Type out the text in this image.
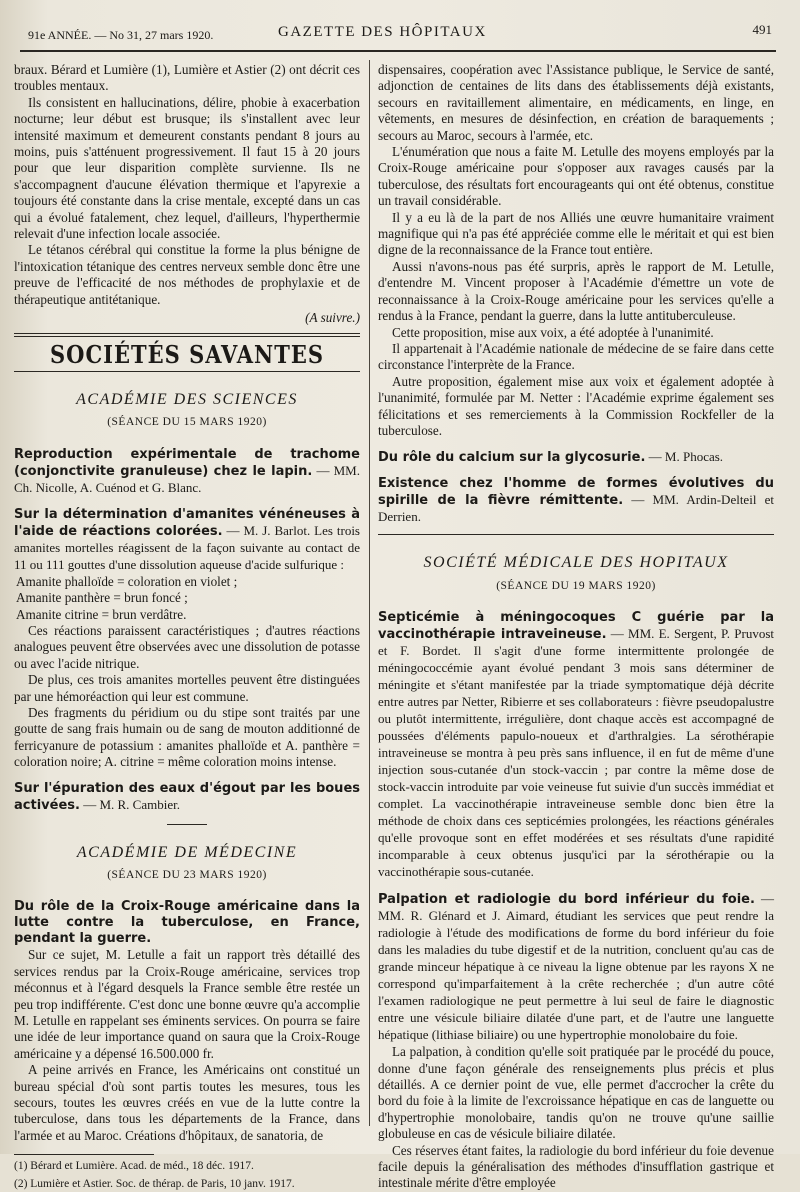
91e ANNÉE. — No 31, 27 mars 1920.	GAZETTE DES HÔPITAUX	491

braux. Bérard et Lumière (1), Lumière et Astier (2) ont décrit ces troubles mentaux.

Ils consistent en hallucinations, délire, phobie à exacerbation nocturne; leur début est brusque; ils s'installent avec leur intensité maximum et demeurent constants pendant 8 jours au moins, puis s'atténuent progressivement. Il faut 15 à 20 jours pour que leur disparition complète survienne. Ils ne s'accompagnent d'aucune élévation thermique et l'apyrexie a toujours été constante dans la crise mentale, excepté dans un cas qui a évolué fatalement, chez lequel, d'ailleurs, l'hyperthermie relevait d'une infection locale associée.

Le tétanos cérébral qui constitue la forme la plus bénigne de l'intoxication tétanique des centres nerveux semble donc être une preuve de l'efficacité de nos méthodes de prophylaxie et de thérapeutique antitétanique.

(A suivre.)
SOCIÉTÉS SAVANTES
ACADÉMIE DES SCIENCES
(SÉANCE DU 15 MARS 1920)
Reproduction expérimentale de trachome (conjonctivite granuleuse) chez le lapin. — MM. Ch. Nicolle, A. Cuénod et G. Blanc.
Sur la détermination d'amanites vénéneuses à l'aide de réactions colorées. — M. J. Barlot. Les trois amanites mortelles réagissent de la façon suivante au contact de 11 ou 111 gouttes d'une dissolution aqueuse d'acide sulfurique :

Amanite phalloïde = coloration en violet ;

Amanite panthère = brun foncé ;

Amanite citrine = brun verdâtre.

Ces réactions paraissent caractéristiques ; d'autres réactions analogues peuvent être observées avec une dissolution de potasse ou avec l'acide nitrique.

De plus, ces trois amanites mortelles peuvent être distinguées par une hémoréaction qui leur est commune.

Des fragments du péridium ou du stipe sont traités par une goutte de sang frais humain ou de sang de mouton additionné de ferricyanure de potassium : amanites phalloïde et A. panthère = coloration noire; A. citrine = même coloration moins intense.

Sur l'épuration des eaux d'égout par les boues activées. — M. R. Cambier.
ACADÉMIE DE MÉDECINE
(SÉANCE DU 23 MARS 1920)
Du rôle de la Croix-Rouge américaine dans la lutte contre la tuberculose, en France, pendant la guerre.

Sur ce sujet, M. Letulle a fait un rapport très détaillé des services rendus par la Croix-Rouge américaine, services trop méconnus et à l'égard desquels la France semble être restée un peu trop indifférente. C'est donc une bonne œuvre qu'a accomplie M. Letulle en rappelant ses éminents services. On pourra se faire une idée de leur importance quand on saura que la Croix-Rouge américaine y a dépensé 16.500.000 fr.

A peine arrivés en France, les Américains ont constitué un bureau spécial d'où sont partis toutes les mesures, tous les secours, toutes les œuvres créés en vue de la lutte contre la tuberculose, dans tous les départements de la France, dans l'armée et au Maroc. Créations d'hôpitaux, de sanatoria, de

(1) Bérard et Lumière. Acad. de méd., 18 déc. 1917.
(2) Lumière et Astier. Soc. de thérap. de Paris, 10 janv. 1917.

dispensaires, coopération avec l'Assistance publique, le Service de santé, adjonction de centaines de lits dans des établissements déjà existants, secours en ravitaillement alimentaire, en médicaments, en linge, en vêtements, en mesures de désinfection, en création de baraquements ; secours au Maroc, secours à l'armée, etc.

L'énumération que nous a faite M. Letulle des moyens employés par la Croix-Rouge américaine pour s'opposer aux ravages causés par la tuberculose, des résultats fort encourageants qui ont été obtenus, constitue un travail considérable.

Il y a eu là de la part de nos Alliés une œuvre humanitaire vraiment magnifique qui n'a pas été appréciée comme elle le méritait et qui est bien digne de la reconnaissance de la France tout entière.

Aussi n'avons-nous pas été surpris, après le rapport de M. Letulle, d'entendre M. Vincent proposer à l'Académie d'émettre un vote de reconnaissance à la Croix-Rouge américaine pour les services qu'elle a rendus à la France, pendant la guerre, dans la lutte antituberculeuse.

Cette proposition, mise aux voix, a été adoptée à l'unanimité.

Il appartenait à l'Académie nationale de médecine de se faire dans cette circonstance l'interprète de la France.

Autre proposition, également mise aux voix et également adoptée à l'unanimité, formulée par M. Netter : l'Académie exprime également ses félicitations et ses remerciements à la Commission Rockfeller de la tuberculose.

Du rôle du calcium sur la glycosurie. — M. Phocas.
Existence chez l'homme de formes évolutives du spirille de la fièvre rémittente. — MM. Ardin-Delteil et Derrien.
SOCIÉTÉ MÉDICALE DES HOPITAUX
(SÉANCE DU 19 MARS 1920)
Septicémie à méningocoques C guérie par la vaccinothérapie intraveineuse. — MM. E. Sergent, P. Pruvost et F. Bordet. Il s'agit d'une forme intermittente prolongée de méningococcémie ayant évolué pendant 3 mois sans déterminer de méningite et s'étant manifestée par la triade symptomatique déjà décrite entre autres par Netter, Ribierre et ses collaborateurs : fièvre pseudopalustre ou plutôt intermittente, irrégulière, dont chaque accès est accompagné de poussées d'éléments papulo-noueux et d'arthralgies. La sérothérapie intraveineuse se montra à peu près sans influence, il en fut de même d'une injection sous-cutanée d'un stock-vaccin ; par contre la même dose de stock-vaccin introduite par voie veineuse fut suivie d'un succès immédiat et complet. La vaccinothérapie intraveineuse semble donc bien être la méthode de choix dans ces septicémies prolongées, les réactions générales qu'elle provoque sont en effet modérées et ses résultats d'une rapidité incomparable à ceux obtenus jusqu'ici par la sérothérapie ou la vaccinothérapie sous-cutanée.
Palpation et radiologie du bord inférieur du foie. — MM. R. Glénard et J. Aimard, étudiant les services que peut rendre la radiologie à l'étude des modifications de forme du bord inférieur du foie dans les maladies du tube digestif et de la nutrition, concluent qu'au cas de grande minceur hépatique à ce niveau la ligne obtenue par les rayons X ne correspond qu'imparfaitement à la crête recherchée ; d'un autre côté l'examen radiologique ne peut permettre à lui seul de faire le diagnostic entre une vésicule biliaire dilatée d'une part, et de l'autre une languette hépatique (lithiase biliaire) ou une hypertrophie monolobaire du foie.

La palpation, à condition qu'elle soit pratiquée par le procédé du pouce, donne d'une façon générale des renseignements plus précis et plus détaillés. A ce dernier point de vue, elle permet d'accrocher la crête du bord du foie à la limite de l'excroissance hépatique en cas de languette ou d'hypertrophie monolobaire, tandis qu'on ne trouve qu'une saillie globuleuse en cas de vésicule biliaire dilatée.

Ces réserves étant faites, la radiologie du bord inférieur du foie devenue facile depuis la généralisation des méthodes d'insufflation gastrique et intestinale mérite d'être employée
